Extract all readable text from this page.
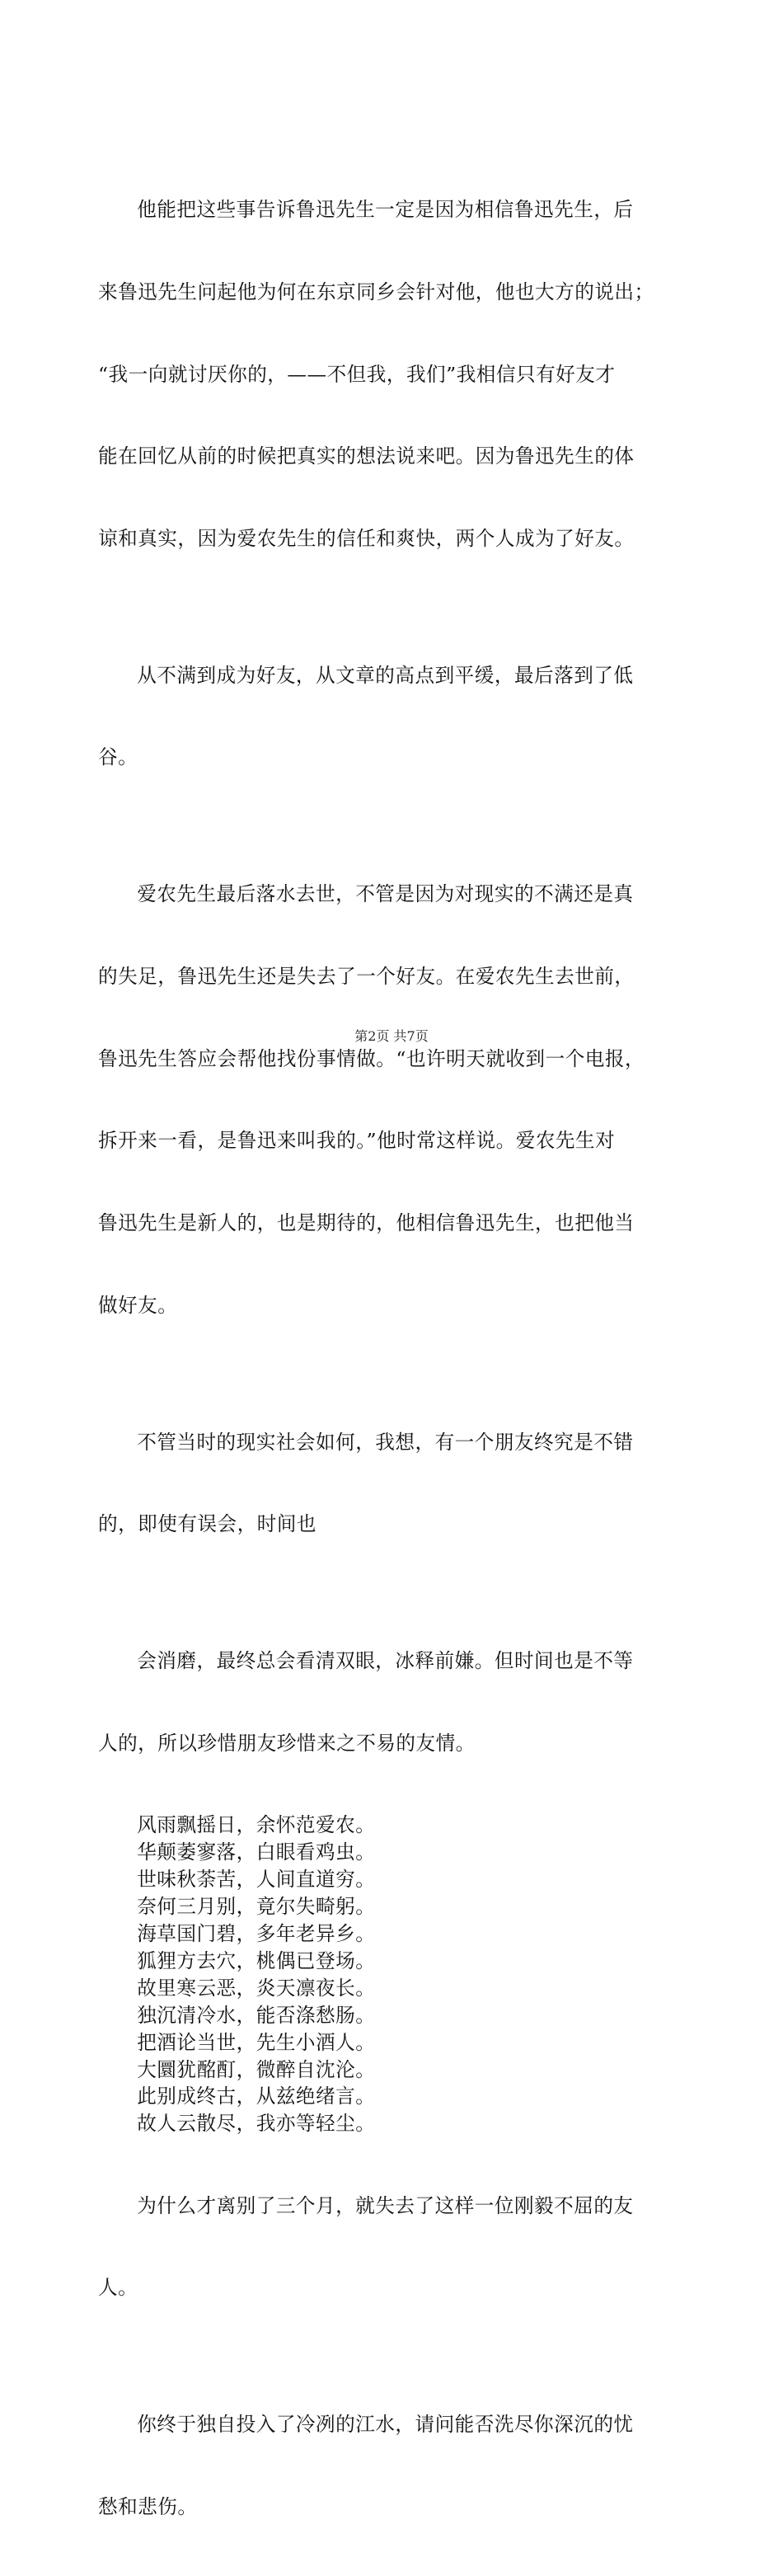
他能把这些事告诉鲁迅先生一定是因为相信鲁迅先生，后

来鲁迅先生问起他为何在东京同乡会针对他，他也大方的说出；

“我一向就讨厌你的，——不但我，我们”我相信只有好友才

能在回忆从前的时候把真实的想法说来吧。因为鲁迅先生的体

谅和真实，因为爱农先生的信任和爽快，两个人成为了好友。

从不满到成为好友，从文章的高点到平缓，最后落到了低

谷。

爱农先生最后落水去世，不管是因为对现实的不满还是真

的失足，鲁迅先生还是失去了一个好友。在爱农先生去世前，

鲁迅先生答应会帮他找份事情做。“也许明天就收到一个电报，

拆开来一看，是鲁迅来叫我的。”他时常这样说。爱农先生对

鲁迅先生是新人的，也是期待的，他相信鲁迅先生，也把他当

做好友。

不管当时的现实社会如何，我想，有一个朋友终究是不错

的，即使有误会，时间也

会消磨，最终总会看清双眼，冰释前嫌。但时间也是不等

人的，所以珍惜朋友珍惜来之不易的友情。

风雨飘摇日，余怀范爱农。

华颠萎寥落，白眼看鸡虫。

世味秋荼苦，人间直道穷。

奈何三月别，竟尔失畸躬。

海草国门碧，多年老异乡。

狐狸方去穴，桃偶已登场。

故里寒云恶，炎天凛夜长。

独沉清冷水，能否涤愁肠。

把酒论当世，先生小酒人。

大圜犹酩酊，微醉自沈沦。

此别成终古，从兹绝绪言。

故人云散尽，我亦等轻尘。

为什么才离别了三个月，就失去了这样一位刚毅不屈的友

人。

你终于独自投入了冷冽的江水，请问能否洗尽你深沉的忧

愁和悲伤。

第2页 共7页
